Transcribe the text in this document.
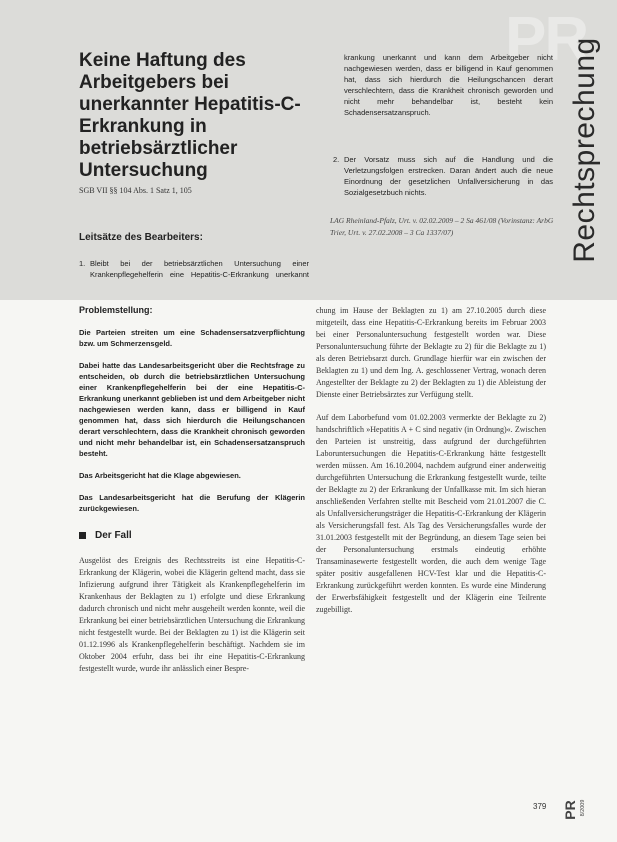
PR
Rechtsprechung
Keine Haftung des Arbeitgebers bei unerkannter Hepatitis-C-Erkrankung in betriebsärztlicher Untersuchung
SGB VII §§ 104 Abs. 1 Satz 1, 105
Leitsätze des Bearbeiters:
1. Bleibt bei der betriebsärztlichen Untersuchung einer Krankenpflegehelferin eine Hepatitis-C-Erkrankung unerkannt
krankung unerkannt und kann dem Arbeitgeber nicht nachgewiesen werden, dass er billigend in Kauf genommen hat, dass sich hierdurch die Heilungschancen derart verschlechtern, dass die Krankheit chronisch geworden und nicht mehr behandelbar ist, besteht kein Schadensersatzanspruch.
2. Der Vorsatz muss sich auf die Handlung und die Verletzungsfolgen erstrecken. Daran ändert auch die neue Einordnung der gesetzlichen Unfallversicherung in das Sozialgesetzbuch nichts.

LAG Rheinland-Pfalz, Urt. v. 02.02.2009 – 2 Sa 461/08 (Vorinstanz: ArbG Trier, Urt. v. 27.02.2008 – 3 Ca 1337/07)

Problemstellung:

Die Parteien streiten um eine Schadensersatzverpflichtung bzw. um Schmerzensgeld.

Dabei hatte das Landesarbeitsgericht über die Rechtsfrage zu entscheiden, ob durch die betriebsärztlichen Untersuchung einer Krankenpflegehelferin bei der eine Hepatitis-C-Erkrankung unerkannt geblieben ist und dem Arbeitgeber nicht nachgewiesen werden kann, dass er billigend in Kauf genommen hat, dass sich hierdurch die Heilungschancen derart verschlechtern, dass die Krankheit chronisch geworden und nicht mehr behandelbar ist, ein Schadensersatzanspruch besteht.

Das Arbeitsgericht hat die Klage abgewiesen.

Das Landesarbeitsgericht hat die Berufung der Klägerin zurückgewiesen.

Der Fall

Ausgelöst des Ereignis des Rechtsstreits ist eine Hepatitis-C-Erkrankung der Klägerin, wobei die Klägerin geltend macht, dass sie Infizierung aufgrund ihrer Tätigkeit als Krankenpflegehelferin im Krankenhaus der Beklagten zu 1) erfolgte und diese Erkrankung dadurch chronisch und nicht mehr ausgeheilt werden konnte, weil die Erkrankung bei einer betriebsärztlichen Untersuchung die Erkrankung nicht festgestellt wurde. Bei der Beklagten zu 1) ist die Klägerin seit 01.12.1996 als Krankenpflegehelferin beschäftigt. Nachdem sie im Oktober 2004 erfuhr, dass bei ihr eine Hepatitis-C-Erkrankung festgestellt wurde, wurde ihr anlässlich einer Bespre-

chung im Hause der Beklagten zu 1) am 27.10.2005 durch diese mitgeteilt, dass eine Hepatitis-C-Erkrankung bereits im Februar 2003 bei einer Personaluntersuchung festgestellt worden war. Diese Personaluntersuchung führte der Beklagte zu 2) für die Beklagte zu 1) als deren Betriebsarzt durch. Grundlage hierfür war ein zwischen der Beklagten zu 1) und dem Ing. A. geschlossener Vertrag, wonach deren Angestellter der Beklagte zu 2) der Beklagten zu 1) die Ableistung der Dienste einer Betriebsärztes zur Verfügung stellt.

Auf dem Laborbefund vom 01.02.2003 vermerkte der Beklagte zu 2) handschriftlich »Hepatitis A + C sind negativ (in Ordnung)«. Zwischen den Parteien ist unstreitig, dass aufgrund der durchgeführten Laboruntersuchungen die Hepatitis-C-Erkrankung hätte festgestellt werden müssen. Am 16.10.2004, nachdem aufgrund einer anderweitig durchgeführten Untersuchung die Erkrankung festgestellt wurde, teilte der Beklagte zu 2) der Erkrankung der Unfallkasse mit. Im sich hieran anschließenden Verfahren stellte mit Bescheid vom 21.01.2007 die C. als Unfallversicherungsträger die Hepatitis-C-Erkrankung der Klägerin als Versicherungsfall fest. Als Tag des Versicherungsfalles wurde der 31.01.2003 festgestellt mit der Begründung, an diesem Tage seien bei der Personaluntersuchung erstmals eindeutig erhöhte Transaminasewerte festgestellt worden, die auch dem wenige Tage später positiv ausgefallenen HCV-Test klar und die Hepatitis-C-Erkrankung zurückgeführt werden konnten. Es wurde eine Minderung der Erwerbsfähigkeit festgestellt und der Klägerin eine Teilrente zugebilligt.

379 PR 8/2009
